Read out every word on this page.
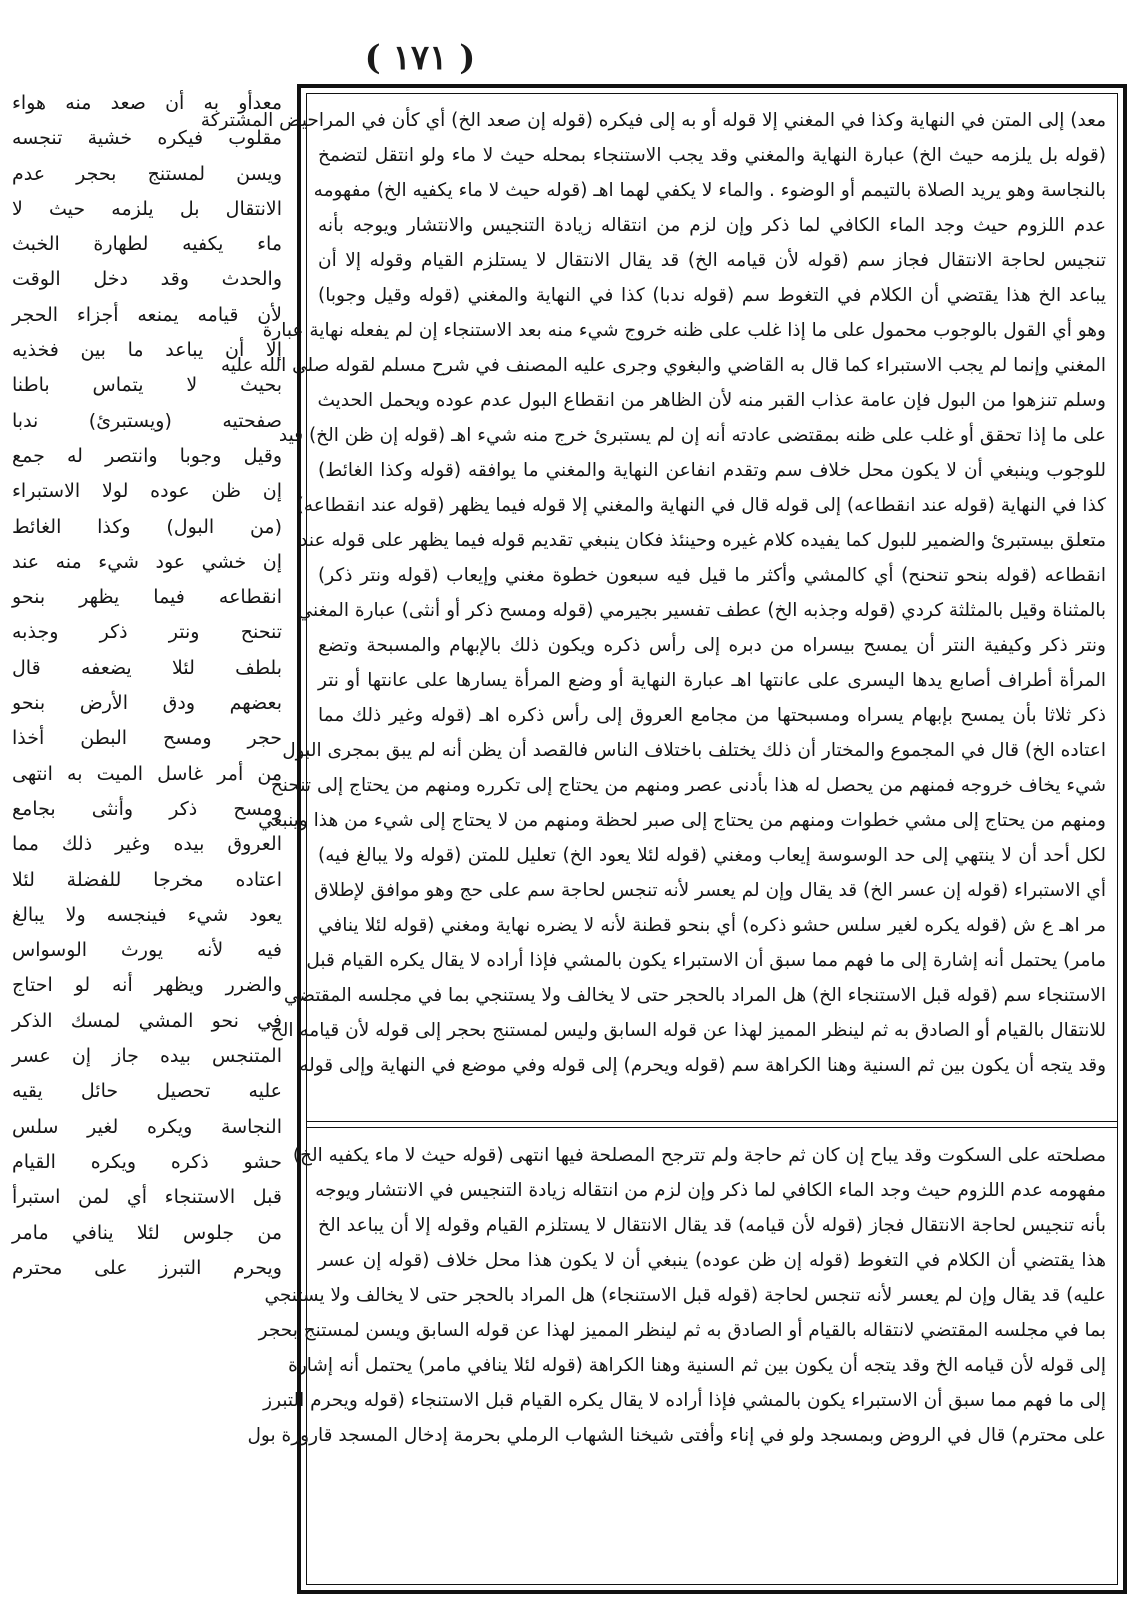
( ١٧١ )
معد) إلى المتن في النهاية وكذا في المغني إلا قوله أو به إلى فيكره (قوله إن صعد الخ) أي كأن في المراحيض المشتركة
(قوله بل يلزمه حيث الخ) عبارة النهاية والمغني وقد يجب الاستنجاء بمحله حيث لا ماء ولو انتقل لتضمخ
بالنجاسة وهو يريد الصلاة بالتيمم أو الوضوء . والماء لا يكفي لهما اهـ (قوله حيث لا ماء يكفيه الخ) مفهومه
عدم اللزوم حيث وجد الماء الكافي لما ذكر وإن لزم من انتقاله زيادة التنجيس والانتشار ويوجه بأنه
تنجيس لحاجة الانتقال فجاز سم (قوله لأن قيامه الخ) قد يقال الانتقال لا يستلزم القيام وقوله إلا أن
يباعد الخ هذا يقتضي أن الكلام في التغوط سم (قوله ندبا) كذا في النهاية والمغني (قوله وقيل وجوبا)
وهو أي القول بالوجوب محمول على ما إذا غلب على ظنه خروج شيء منه بعد الاستنجاء إن لم يفعله نهاية عبارة
المغني وإنما لم يجب الاستبراء كما قال به القاضي والبغوي وجرى عليه المصنف في شرح مسلم لقوله صلى الله عليه
وسلم تنزهوا من البول فإن عامة عذاب القبر منه لأن الظاهر من انقطاع البول عدم عوده ويحمل الحديث
على ما إذا تحقق أو غلب على ظنه بمقتضى عادته أنه إن لم يستبرئ خرج منه شيء اهـ (قوله إن ظن الخ) قيد
للوجوب وينبغي أن لا يكون محل خلاف سم وتقدم انفاعن النهاية والمغني ما يوافقه (قوله وكذا الغائط)
كذا في النهاية (قوله عند انقطاعه) إلى قوله قال في النهاية والمغني إلا قوله فيما يظهر (قوله عند انقطاعه)
متعلق بيستبرئ والضمير للبول كما يفيده كلام غيره وحينئذ فكان ينبغي تقديم قوله فيما يظهر على قوله عند
انقطاعه (قوله بنحو تنحنح) أي كالمشي وأكثر ما قيل فيه سبعون خطوة مغني وإيعاب (قوله ونتر ذكر)
بالمثناة وقيل بالمثلثة كردي (قوله وجذبه الخ) عطف تفسير بجيرمي (قوله ومسح ذكر أو أنثى) عبارة المغني
ونتر ذكر وكيفية النتر أن يمسح بيسراه من دبره إلى رأس ذكره ويكون ذلك بالإبهام والمسبحة وتضع
المرأة أطراف أصابع يدها اليسرى على عانتها اهـ عبارة النهاية أو وضع المرأة يسارها على عانتها أو نتر
ذكر ثلاثا بأن يمسح بإبهام يسراه ومسبحتها من مجامع العروق إلى رأس ذكره اهـ (قوله وغير ذلك مما
اعتاده الخ) قال في المجموع والمختار أن ذلك يختلف باختلاف الناس فالقصد أن يظن أنه لم يبق بمجرى البول
شيء يخاف خروجه فمنهم من يحصل له هذا بأدنى عصر ومنهم من يحتاج إلى تكرره ومنهم من يحتاج إلى تنحنح
ومنهم من يحتاج إلى مشي خطوات ومنهم من يحتاج إلى صبر لحظة ومنهم من لا يحتاج إلى شيء من هذا وينبغي
لكل أحد أن لا ينتهي إلى حد الوسوسة إيعاب ومغني (قوله لئلا يعود الخ) تعليل للمتن (قوله ولا يبالغ فيه)
أي الاستبراء (قوله إن عسر الخ) قد يقال وإن لم يعسر لأنه تنجس لحاجة سم على حج وهو موافق لإطلاق
مر اهـ ع ش (قوله يكره لغير سلس حشو ذكره) أي بنحو قطنة لأنه لا يضره نهاية ومغني (قوله لئلا ينافي
مامر) يحتمل أنه إشارة إلى ما فهم مما سبق أن الاستبراء يكون بالمشي فإذا أراده لا يقال يكره القيام قبل
الاستنجاء سم (قوله قبل الاستنجاء الخ) هل المراد بالحجر حتى لا يخالف ولا يستنجي بما في مجلسه المقتضي
للانتقال بالقيام أو الصادق به ثم لينظر المميز لهذا عن قوله السابق وليس لمستنج بحجر إلى قوله لأن قيامه الخ
وقد يتجه أن يكون بين ثم السنية وهنا الكراهة سم (قوله ويحرم) إلى قوله وفي موضع في النهاية وإلى قوله
مصلحته على السكوت وقد يباح إن كان ثم حاجة ولم تترجح المصلحة فيها انتهى (قوله حيث لا ماء يكفيه الخ)
مفهومه عدم اللزوم حيث وجد الماء الكافي لما ذكر وإن لزم من انتقاله زيادة التنجيس في الانتشار ويوجه
بأنه تنجيس لحاجة الانتقال فجاز (قوله لأن قيامه) قد يقال الانتقال لا يستلزم القيام وقوله إلا أن يباعد الخ
هذا يقتضي أن الكلام في التغوط (قوله إن ظن عوده) ينبغي أن لا يكون هذا محل خلاف (قوله إن عسر
عليه) قد يقال وإن لم يعسر لأنه تنجس لحاجة (قوله قبل الاستنجاء) هل المراد بالحجر حتى لا يخالف ولا يستنجي
بما في مجلسه المقتضي لانتقاله بالقيام أو الصادق به ثم لينظر المميز لهذا عن قوله السابق ويسن لمستنج بحجر
إلى قوله لأن قيامه الخ وقد يتجه أن يكون بين ثم السنية وهنا الكراهة (قوله لئلا ينافي مامر) يحتمل أنه إشارة
إلى ما فهم مما سبق أن الاستبراء يكون بالمشي فإذا أراده لا يقال يكره القيام قبل الاستنجاء (قوله ويحرم التبرز
على محترم) قال في الروض وبمسجد ولو في إناء وأفتى شيخنا الشهاب الرملي بحرمة إدخال المسجد قارورة بول
معدأو به أن صعد منه هواء
مقلوب فيكره خشية تنجسه
ويسن لمستنج بحجر عدم
الانتقال بل يلزمه حيث لا
ماء يكفيه لطهارة الخبث
والحدث وقد دخل الوقت
لأن قيامه يمنعه أجزاء الحجر
إلا أن يباعد ما بين فخذيه
بحيث لا يتماس باطنا
صفحتيه (ويستبرئ) ندبا
وقيل وجوبا وانتصر له جمع
إن ظن عوده لولا الاستبراء
(من البول) وكذا الغائط
إن خشي عود شيء منه عند
انقطاعه فيما يظهر بنحو
تنحنح ونتر ذكر وجذبه
بلطف لئلا يضعفه قال
بعضهم ودق الأرض بنحو
حجر ومسح البطن أخذا
من أمر غاسل الميت به انتهى
ومسح ذكر وأنثى بجامع
العروق بيده وغير ذلك مما
اعتاده مخرجا للفضلة لئلا
يعود شيء فينجسه ولا يبالغ
فيه لأنه يورث الوسواس
والضرر ويظهر أنه لو احتاج
في نحو المشي لمسك الذكر
المتنجس بيده جاز إن عسر
عليه تحصيل حائل يقيه
النجاسة ويكره لغير سلس
حشو ذكره ويكره القيام
قبل الاستنجاء أي لمن استبرأ
من جلوس لئلا ينافي مامر
ويحرم التبرز على محترم
